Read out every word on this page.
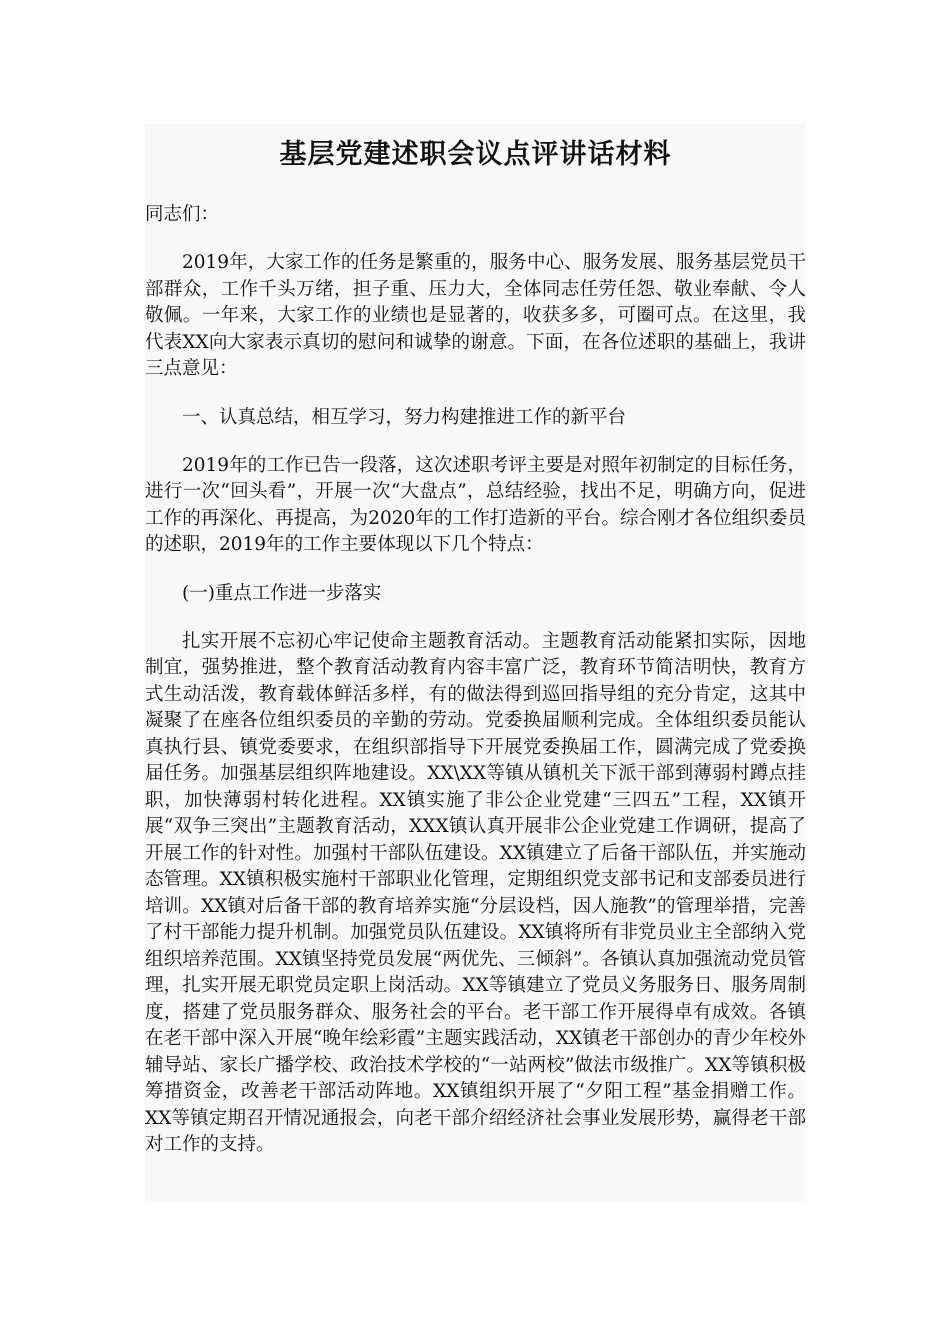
基层党建述职会议点评讲话材料

同志们：

2019年，大家工作的任务是繁重的，服务中心、服务发展、服务基层党员干部群众，工作千头万绪，担子重、压力大，全体同志任劳任怨、敬业奉献、令人敬佩。一年来，大家工作的业绩也是显著的，收获多多，可圈可点。在这里，我代表XX向大家表示真切的慰问和诚挚的谢意。下面，在各位述职的基础上，我讲三点意见：

一、认真总结，相互学习，努力构建推进工作的新平台

2019年的工作已告一段落，这次述职考评主要是对照年初制定的目标任务，进行一次“回头看”，开展一次“大盘点”，总结经验，找出不足，明确方向，促进工作的再深化、再提高，为2020年的工作打造新的平台。综合刚才各位组织委员的述职，2019年的工作主要体现以下几个特点：

(一)重点工作进一步落实

扎实开展不忘初心牢记使命主题教育活动。主题教育活动能紧扣实际，因地制宜，强势推进，整个教育活动教育内容丰富广泛，教育环节简洁明快，教育方式生动活泼，教育载体鲜活多样，有的做法得到巡回指导组的充分肯定，这其中凝聚了在座各位组织委员的辛勤的劳动。党委换届顺利完成。全体组织委员能认真执行县、镇党委要求，在组织部指导下开展党委换届工作，圆满完成了党委换届任务。加强基层组织阵地建设。XX\XX等镇从镇机关下派干部到薄弱村蹲点挂职，加快薄弱村转化进程。XX镇实施了非公企业党建“三四五”工程，XX镇开展“双争三突出”主题教育活动，XXX镇认真开展非公企业党建工作调研，提高了开展工作的针对性。加强村干部队伍建设。XX镇建立了后备干部队伍，并实施动态管理。XX镇积极实施村干部职业化管理，定期组织党支部书记和支部委员进行培训。XX镇对后备干部的教育培养实施“分层设档，因人施教”的管理举措，完善了村干部能力提升机制。加强党员队伍建设。XX镇将所有非党员业主全部纳入党组织培养范围。XX镇坚持党员发展“两优先、三倾斜”。各镇认真加强流动党员管理，扎实开展无职党员定职上岗活动。XX等镇建立了党员义务服务日、服务周制度，搭建了党员服务群众、服务社会的平台。老干部工作开展得卓有成效。各镇在老干部中深入开展“晚年绘彩霞”主题实践活动，XX镇老干部创办的青少年校外辅导站、家长广播学校、政治技术学校的“一站两校”做法市级推广。XX等镇积极筹措资金，改善老干部活动阵地。XX镇组织开展了“夕阳工程”基金捐赠工作。XX等镇定期召开情况通报会，向老干部介绍经济社会事业发展形势，赢得老干部对工作的支持。
